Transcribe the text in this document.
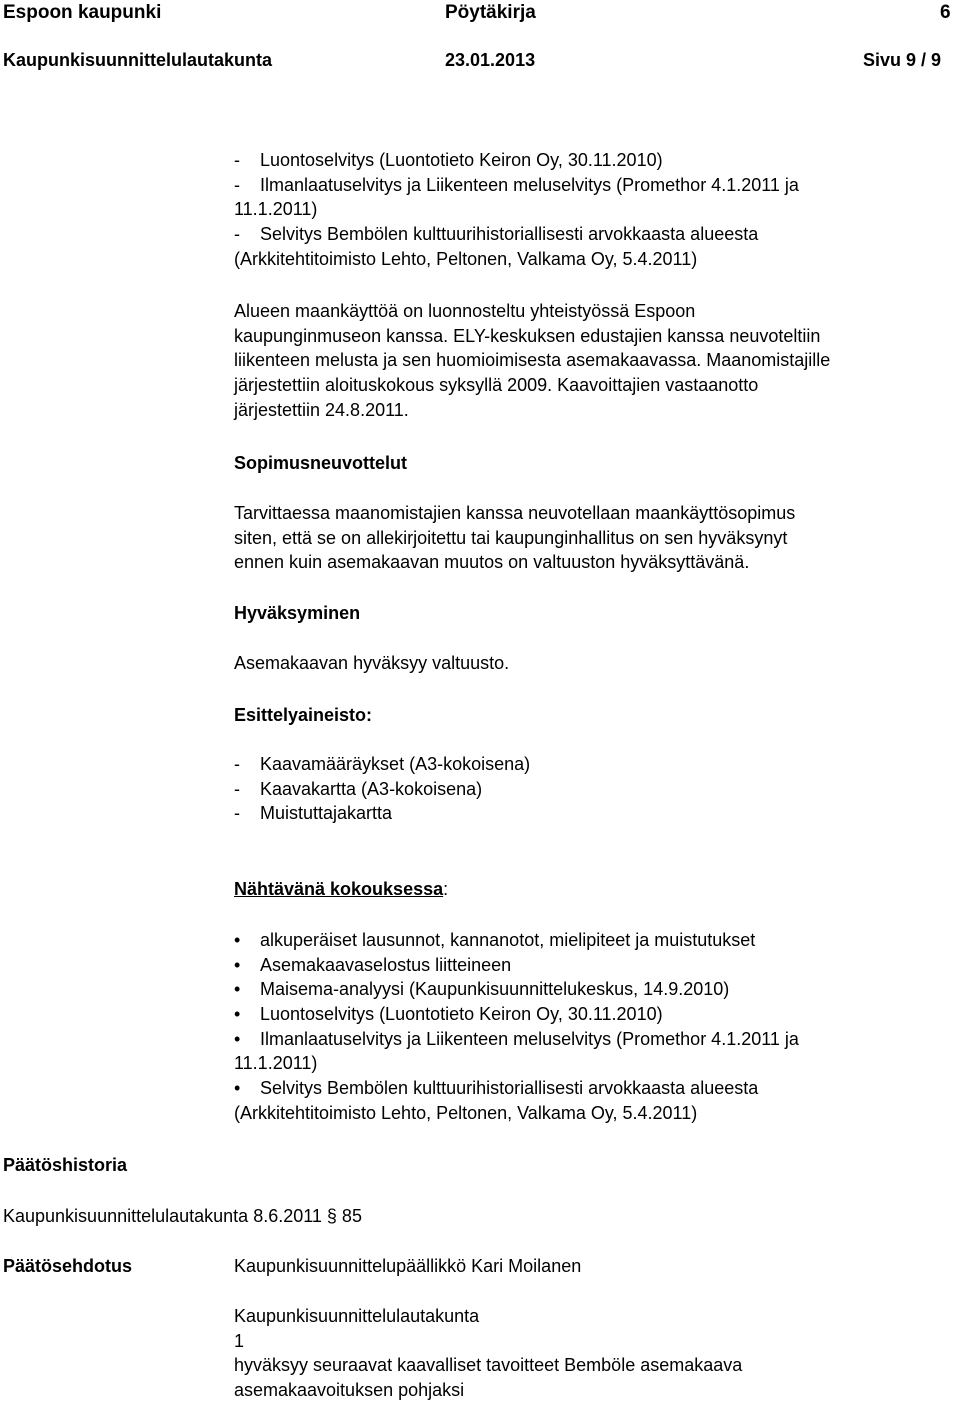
Espoon kaupunki	Pöytäkirja	6
Kaupunkisuunnittelulautakunta	23.01.2013	Sivu 9 / 9
- Luontoselvitys (Luontotieto Keiron Oy, 30.11.2010)
- Ilmanlaatuselvitys ja Liikenteen meluselvitys (Promethor 4.1.2011 ja
11.1.2011)
- Selvitys Bembölen kulttuurihistoriallisesti arvokkaasta alueesta
(Arkkitehtitoimisto Lehto, Peltonen, Valkama Oy, 5.4.2011)
Alueen maankäyttöä on luonnosteltu yhteistyössä Espoon
kaupunginmuseon kanssa. ELY-keskuksen edustajien kanssa neuvoteltiin
liikenteen melusta ja sen huomioimisesta asemakaavassa. Maanomistajille
järjestettiin aloituskokous syksyllä 2009. Kaavoittajien vastaanotto
järjestettiin 24.8.2011.
Sopimusneuvottelut
Tarvittaessa maanomistajien kanssa neuvotellaan maankäyttösopimus
siten, että se on allekirjoitettu tai kaupunginhallitus on sen hyväksynyt
ennen kuin asemakaavan muutos on valtuuston hyväksyttävänä.
Hyväksyminen
Asemakaavan hyväksyy valtuusto.
Esittelyaineisto:
- Kaavamääräykset (A3-kokoisena)
- Kaavakartta (A3-kokoisena)
- Muistuttajakartta
Nähtävänä kokouksessa:
• alkuperäiset lausunnot, kannanotot, mielipiteet ja muistutukset
• Asemakaavaselostus liitteineen
• Maisema-analyysi (Kaupunkisuunnittelukeskus, 14.9.2010)
• Luontoselvitys (Luontotieto Keiron Oy, 30.11.2010)
• Ilmanlaatuselvitys ja Liikenteen meluselvitys (Promethor 4.1.2011 ja
11.1.2011)
• Selvitys Bembölen kulttuurihistoriallisesti arvokkaasta alueesta
(Arkkitehtitoimisto Lehto, Peltonen, Valkama Oy, 5.4.2011)
Päätöshistoria
Kaupunkisuunnittelulautakunta 8.6.2011 § 85
Päätösehdotus	Kaupunkisuunnittelupäällikkö Kari Moilanen
Kaupunkisuunnittelulautakunta
1
hyväksyy seuraavat kaavalliset tavoitteet Bemböle asemakaava
asemakaavoituksen pohjaksi
